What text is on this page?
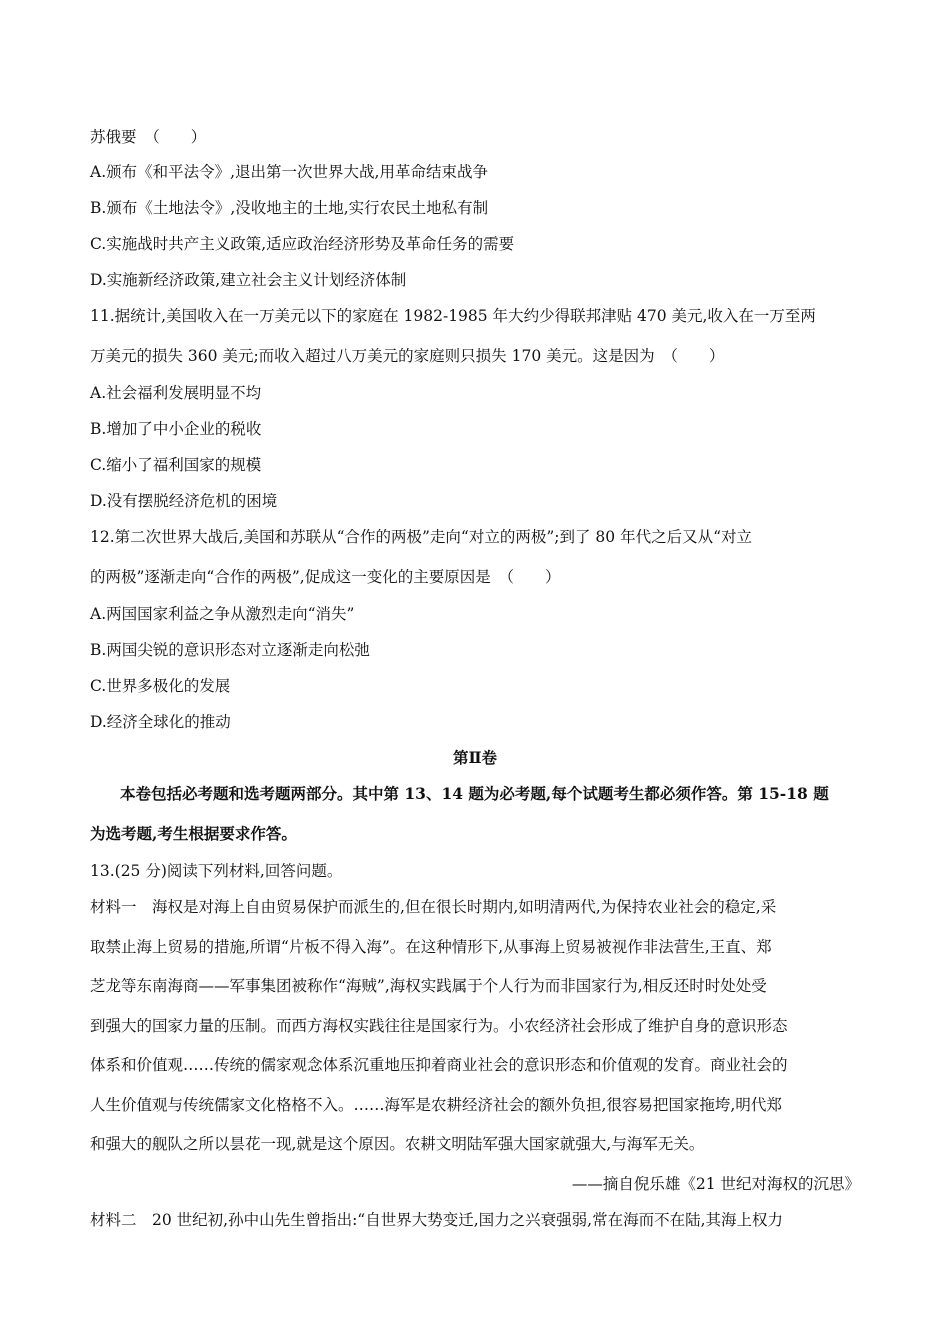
苏俄要　（　　）
A.颁布《和平法令》,退出第一次世界大战,用革命结束战争
B.颁布《土地法令》,没收地主的土地,实行农民土地私有制
C.实施战时共产主义政策,适应政治经济形势及革命任务的需要
D.实施新经济政策,建立社会主义计划经济体制
11.据统计,美国收入在一万美元以下的家庭在 1982-1985 年大约少得联邦津贴 470 美元,收入在一万至两
万美元的损失 360 美元;而收入超过八万美元的家庭则只损失 170 美元。这是因为　（　　）
A.社会福利发展明显不均
B.增加了中小企业的税收
C.缩小了福利国家的规模
D.没有摆脱经济危机的困境
12.第二次世界大战后,美国和苏联从“合作的两极”走向“对立的两极”;到了 80 年代之后又从“对立
的两极”逐渐走向“合作的两极”,促成这一变化的主要原因是　（　　）
A.两国国家利益之争从激烈走向“消失”
B.两国尖锐的意识形态对立逐渐走向松弛
C.世界多极化的发展
D.经济全球化的推动
第Ⅱ卷
本卷包括必考题和选考题两部分。其中第 13、14 题为必考题,每个试题考生都必须作答。第 15-18 题
为选考题,考生根据要求作答。
13.(25 分)阅读下列材料,回答问题。
材料一　海权是对海上自由贸易保护而派生的,但在很长时期内,如明清两代,为保持农业社会的稳定,采
取禁止海上贸易的措施,所谓“片板不得入海”。在这种情形下,从事海上贸易被视作非法营生,王直、郑
芝龙等东南海商——军事集团被称作“海贼”,海权实践属于个人行为而非国家行为,相反还时时处处受
到强大的国家力量的压制。而西方海权实践往往是国家行为。小农经济社会形成了维护自身的意识形态
体系和价值观……传统的儒家观念体系沉重地压抑着商业社会的意识形态和价值观的发育。商业社会的
人生价值观与传统儒家文化格格不入。……海军是农耕经济社会的额外负担,很容易把国家拖垮,明代郑
和强大的舰队之所以昙花一现,就是这个原因。农耕文明陆军强大国家就强大,与海军无关。
——摘自倪乐雄《21 世纪对海权的沉思》
材料二　20 世纪初,孙中山先生曾指出:“自世界大势变迁,国力之兴衰强弱,常在海而不在陆,其海上权力
